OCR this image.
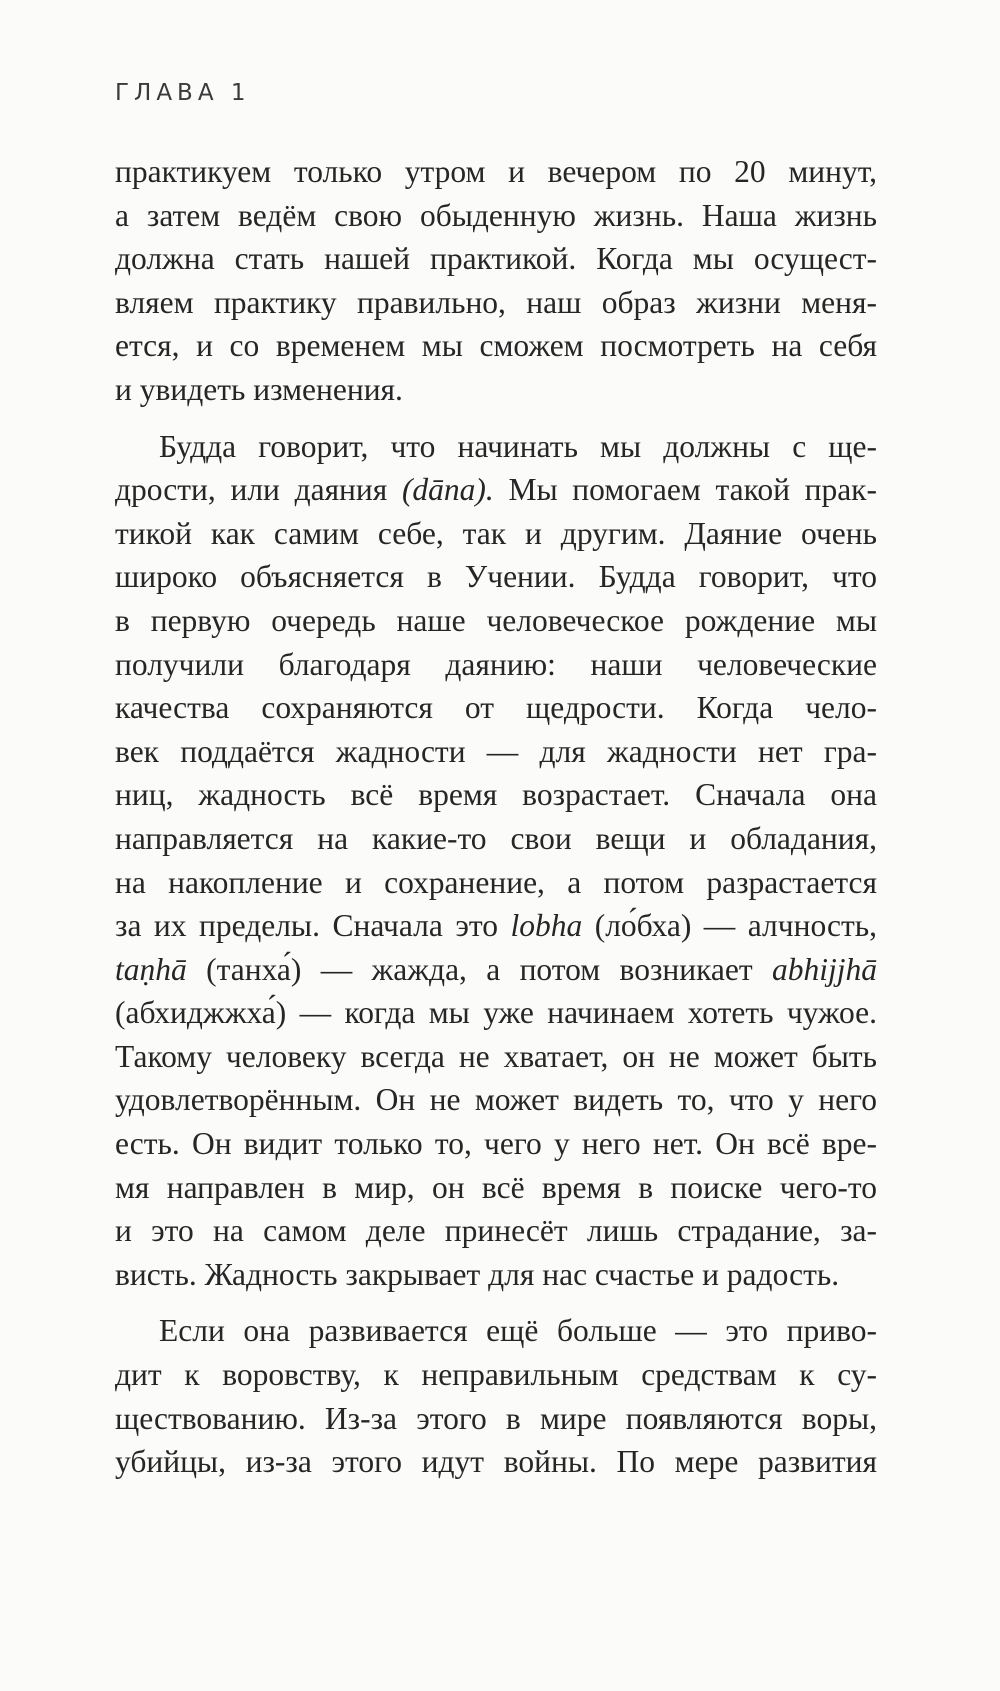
ГЛАВА 1
практикуем только утром и вечером по 20 минут,
а затем ведём свою обыденную жизнь. Наша жизнь
должна стать нашей практикой. Когда мы осущест-
вляем практику правильно, наш образ жизни меня-
ется, и со временем мы сможем посмотреть на себя
и увидеть изменения.
Будда говорит, что начинать мы должны с ще-
дрости, или даяния (dāna). Мы помогаем такой прак-
тикой как самим себе, так и другим. Даяние очень
широко объясняется в Учении. Будда говорит, что
в первую очередь наше человеческое рождение мы
получили благодаря даянию: наши человеческие
качества сохраняются от щедрости. Когда чело-
век поддаётся жадности — для жадности нет гра-
ниц, жадность всё время возрастает. Сначала она
направляется на какие-то свои вещи и обладания,
на накопление и сохранение, а потом разрастается
за их пределы. Сначала это lobha (ло́бха) — алчность,
taṇhā (танха́) — жажда, а потом возникает abhijjhā
(абхиджжха́) — когда мы уже начинаем хотеть чужое.
Такому человеку всегда не хватает, он не может быть
удовлетворённым. Он не может видеть то, что у него
есть. Он видит только то, чего у него нет. Он всё вре-
мя направлен в мир, он всё время в поиске чего-то
и это на самом деле принесёт лишь страдание, за-
висть. Жадность закрывает для нас счастье и радость.
Если она развивается ещё больше — это приво-
дит к воровству, к неправильным средствам к су-
ществованию. Из-за этого в мире появляются воры,
убийцы, из-за этого идут войны. По мере развития
